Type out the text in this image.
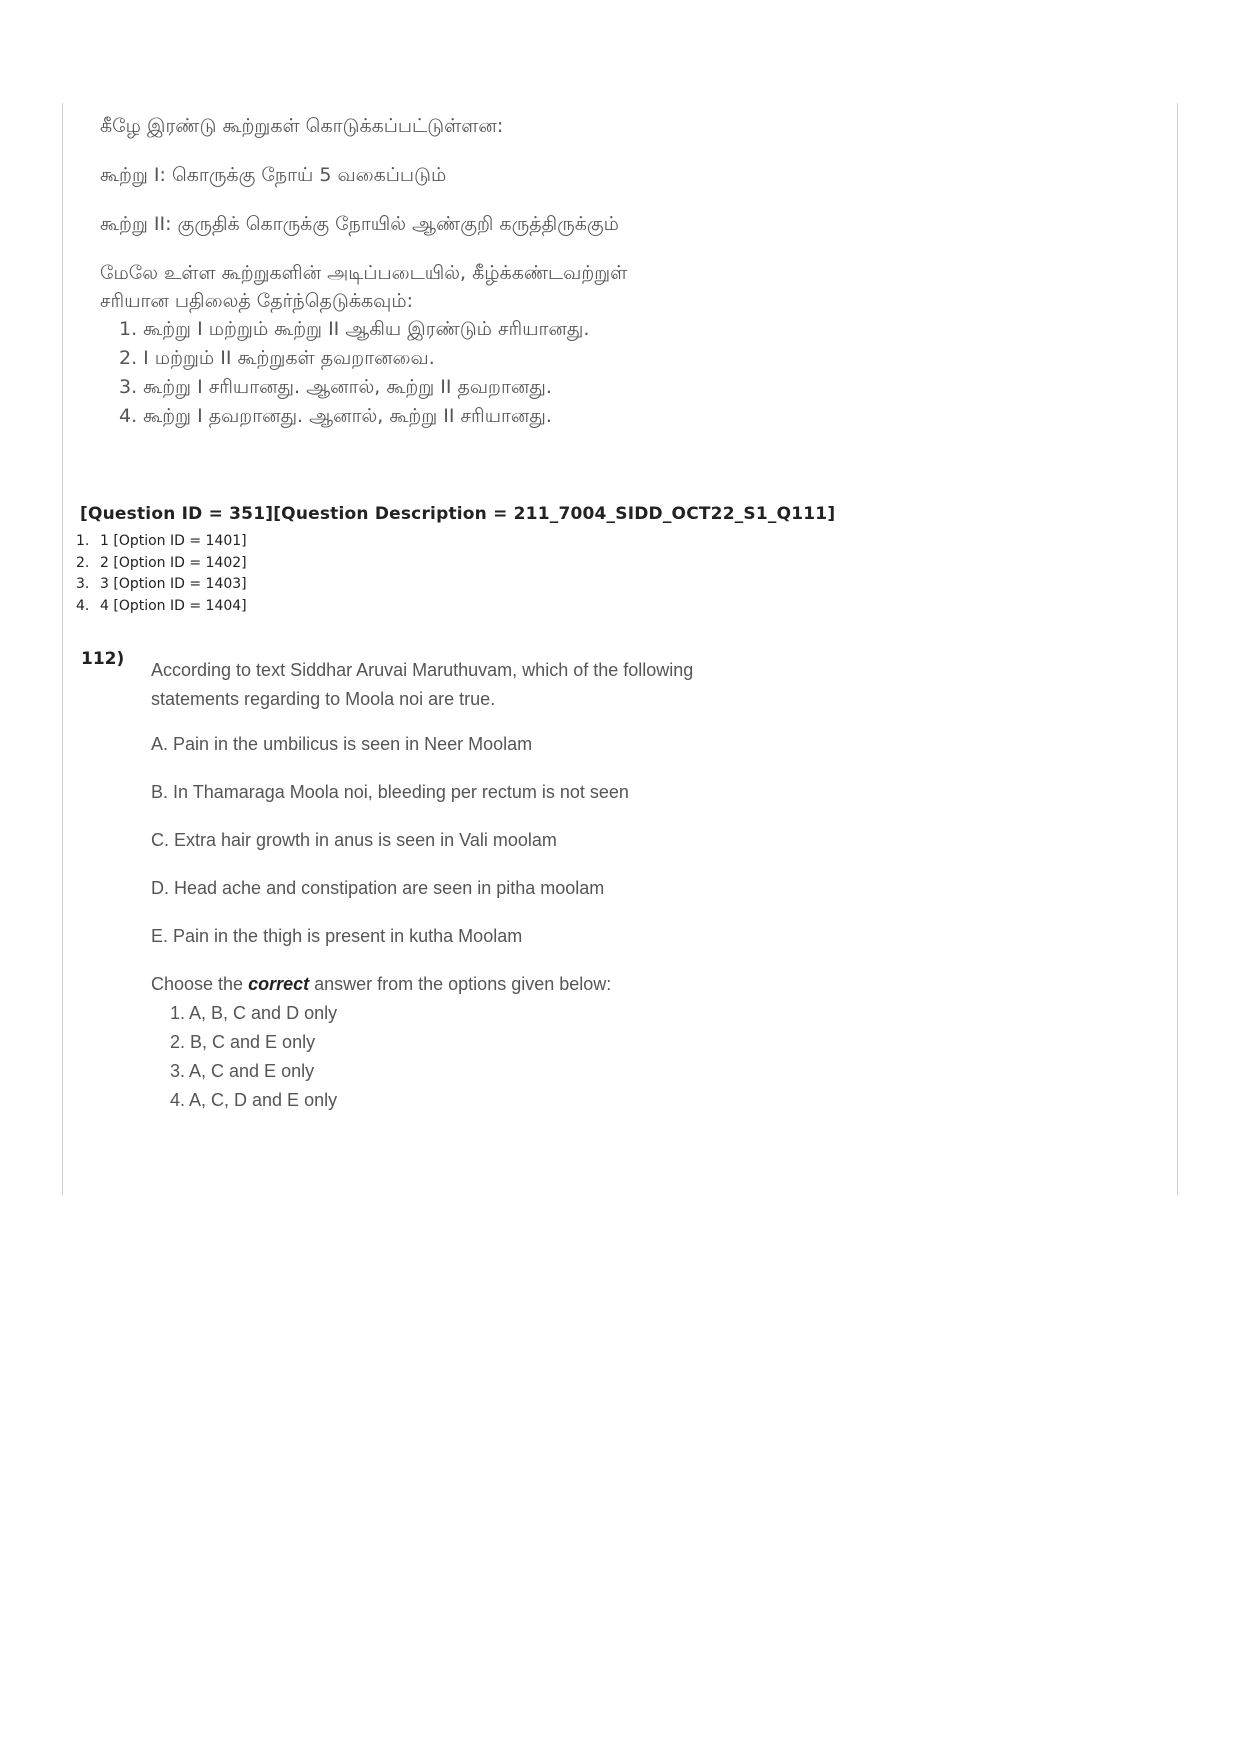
கீழே இரண்டு கூற்றுகள் கொடுக்கப்பட்டுள்ளன:

கூற்று I: கொருக்கு நோய் 5 வகைப்படும்

கூற்று II: குருதிக் கொருக்கு நோயில் ஆண்குறி கருத்திருக்கும்

மேலே உள்ள கூற்றுகளின் அடிப்படையில், கீழ்க்கண்டவற்றுள்

சரியான பதிலைத் தேர்ந்தெடுக்கவும்:

1. கூற்று I மற்றும் கூற்று II ஆகிய இரண்டும் சரியானது.
2. I மற்றும் II கூற்றுகள் தவறானவை.
3. கூற்று I சரியானது. ஆனால், கூற்று II தவறானது.
4. கூற்று I தவறானது. ஆனால், கூற்று II சரியானது.
[Question ID = 351][Question Description = 211_7004_SIDD_OCT22_S1_Q111]
1. 1 [Option ID = 1401]
2. 2 [Option ID = 1402]
3. 3 [Option ID = 1403]
4. 4 [Option ID = 1404]
112)

According to text Siddhar Aruvai Maruthuvam, which of the following

statements regarding to Moola noi are true.

A. Pain in the umbilicus is seen in Neer Moolam

B. In Thamaraga Moola noi, bleeding per rectum is not seen

C. Extra hair growth in anus is seen in Vali moolam

D. Head ache and constipation are seen in pitha moolam

E. Pain in the thigh is present in kutha Moolam

Choose the correct answer from the options given below:

1. A, B, C and D only
2. B, C and E only
3. A, C and E only
4. A, C, D and E only
